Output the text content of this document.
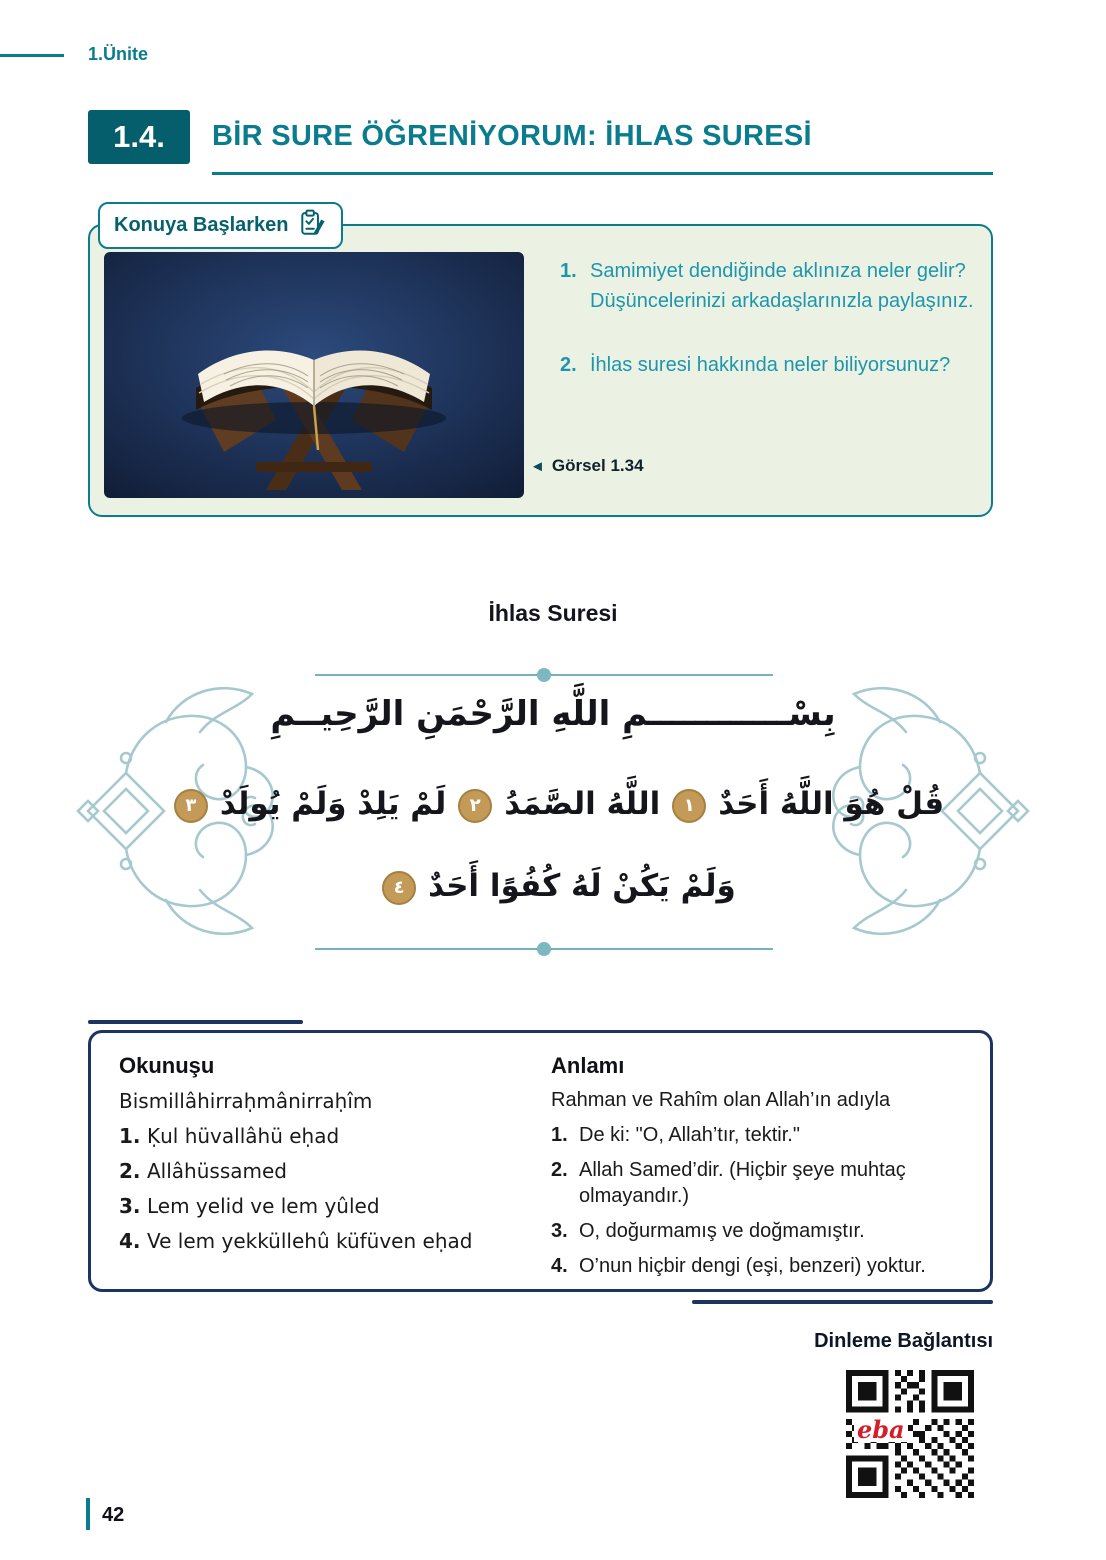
1.Ünite
1.4.	BİR SURE ÖĞRENİYORUM: İHLAS SURESİ
Konuya Başlarken
1. Samimiyet dendiğinde aklınıza neler gelir? Düşüncelerinizi arkadaşlarınızla paylaşınız.
2. İhlas suresi hakkında neler biliyorsunuz?
◄ Görsel 1.34
İhlas Suresi
بِسْــــــــــــمِ اللَّهِ الرَّحْمَنِ الرَّحِيــمِ
قُلْ هُوَ اللَّهُ أَحَدٌ١اللَّهُ الصَّمَدُ٢لَمْ يَلِدْ وَلَمْ يُولَدْ٣
وَلَمْ يَكُنْ لَهُ كُفُوًا أَحَدٌ٤
Okunuşu
Bismillâhirraḥmânirraḥîm
1. Ḳul hüvallâhü eḥad
2. Allâhüssamed
3. Lem yelid ve lem yûled
4. Ve lem yekküllehû küfüven eḥad
Anlamı
Rahman ve Rahîm olan Allah’ın adıyla
1. De ki: "O, Allah’tır, tektir."
2. Allah Samed’dir. (Hiçbir şeye muhtaç olmayandır.)
3. O, doğurmamış ve doğmamıştır.
4. O’nun hiçbir dengi (eşi, benzeri) yoktur.
Dinleme Bağlantısı
eba
42
